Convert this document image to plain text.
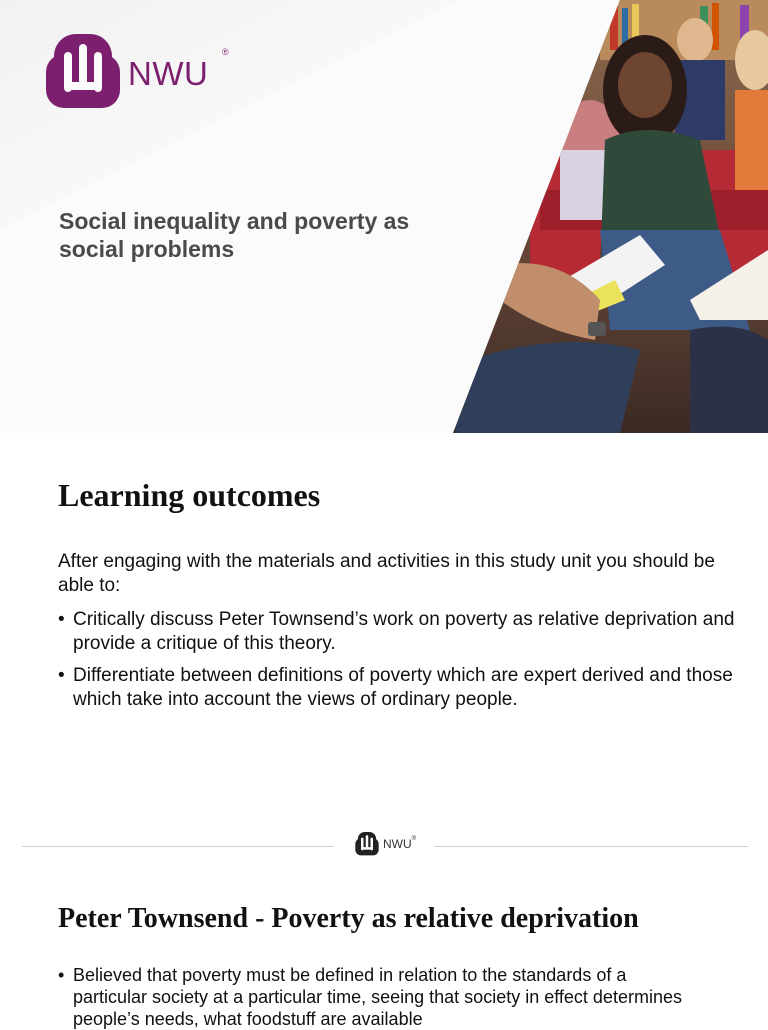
NWU
®
Social inequality and poverty as social problems
Learning outcomes
After engaging with the materials and activities in this study unit you should be able to:
• Critically discuss Peter Townsend’s work on poverty as relative deprivation and provide a critique of this theory.
• Differentiate between definitions of poverty which are expert derived and those which take into account the views of ordinary people.
NWU ®
Peter Townsend - Poverty as relative deprivation
• Believed that poverty must be defined in relation to the standards of a particular society at a particular time, seeing that society in effect determines people’s needs, what foodstuff are available
